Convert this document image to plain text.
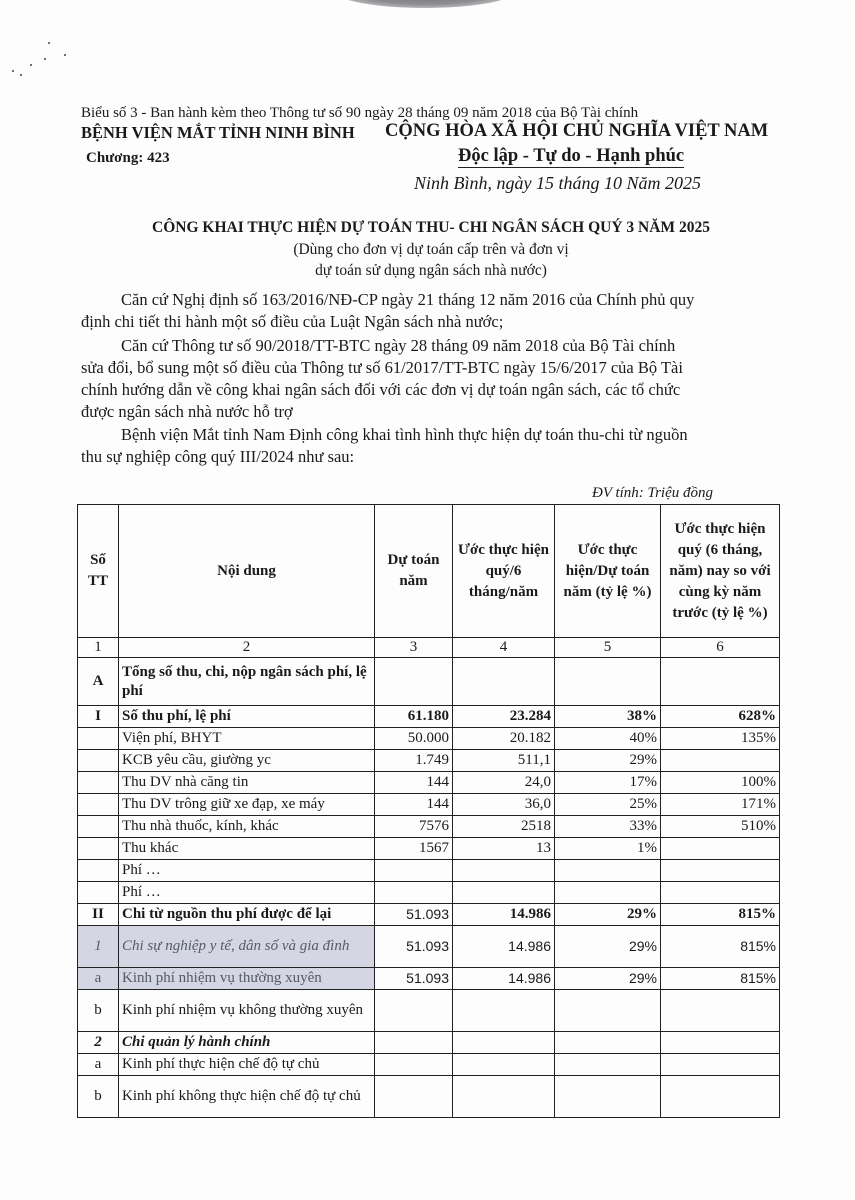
Biểu số 3 - Ban hành kèm theo Thông tư số 90 ngày 28 tháng 09 năm 2018 của Bộ Tài chính
BỆNH VIỆN MẮT TỈNH NINH BÌNH CỘNG HÒA XÃ HỘI CHỦ NGHĨA VIỆT NAM
Chương: 423	Độc lập - Tự do - Hạnh phúc
Ninh Bình, ngày 15 tháng 10 Năm 2025
CÔNG KHAI THỰC HIỆN DỰ TOÁN THU- CHI NGÂN SÁCH QUÝ 3 NĂM 2025
(Dùng cho đơn vị dự toán cấp trên và đơn vị
dự toán sử dụng ngân sách nhà nước)
Căn cứ Nghị định số 163/2016/NĐ-CP ngày 21 tháng 12 năm 2016 của Chính phủ quy
định chi tiết thi hành một số điều của Luật Ngân sách nhà nước;
Căn cứ Thông tư số 90/2018/TT-BTC ngày 28 tháng 09 năm 2018 của Bộ Tài chính
sửa đổi, bổ sung một số điều của Thông tư số 61/2017/TT-BTC ngày 15/6/2017 của Bộ Tài
chính hướng dẫn về công khai ngân sách đối với các đơn vị dự toán ngân sách, các tổ chức
được ngân sách nhà nước hỗ trợ
Bệnh viện Mắt tỉnh Nam Định công khai tình hình thực hiện dự toán thu-chi từ nguồn
thu sự nghiệp công quý III/2024 như sau:
ĐV tính: Triệu đồng
Số TT	Nội dung	Dự toán năm	Ước thực hiện quý/6 tháng/năm	Ước thực hiện/Dự toán năm (tỷ lệ %)	Ước thực hiện quý (6 tháng, năm) nay so với cùng kỳ năm trước (tỷ lệ %)
1	2	3	4	5	6
A	Tổng số thu, chi, nộp ngân sách phí, lệ phí				
I	Số thu phí, lệ phí	61.180	23.284	38%	628%
	Viện phí, BHYT	50.000	20.182	40%	135%
	KCB yêu cầu, giường yc	1.749	511,1	29%	
	Thu DV nhà căng tin	144	24,0	17%	100%
	Thu DV trông giữ xe đạp, xe máy	144	36,0	25%	171%
	Thu nhà thuốc, kính, khác	7576	2518	33%	510%
	Thu khác	1567	13	1%	
	Phí …				
	Phí …				
II	Chi từ nguồn thu phí được để lại	51.093	14.986	29%	815%
1	Chi sự nghiệp y tế, dân số và gia đình	51.093	14.986	29%	815%
a	Kinh phí nhiệm vụ thường xuyên	51.093	14.986	29%	815%
b	Kinh phí nhiệm vụ không thường xuyên				
2	Chi quản lý hành chính				
a	Kinh phí thực hiện chế độ tự chủ				
b	Kinh phí không thực hiện chế độ tự chủ				
